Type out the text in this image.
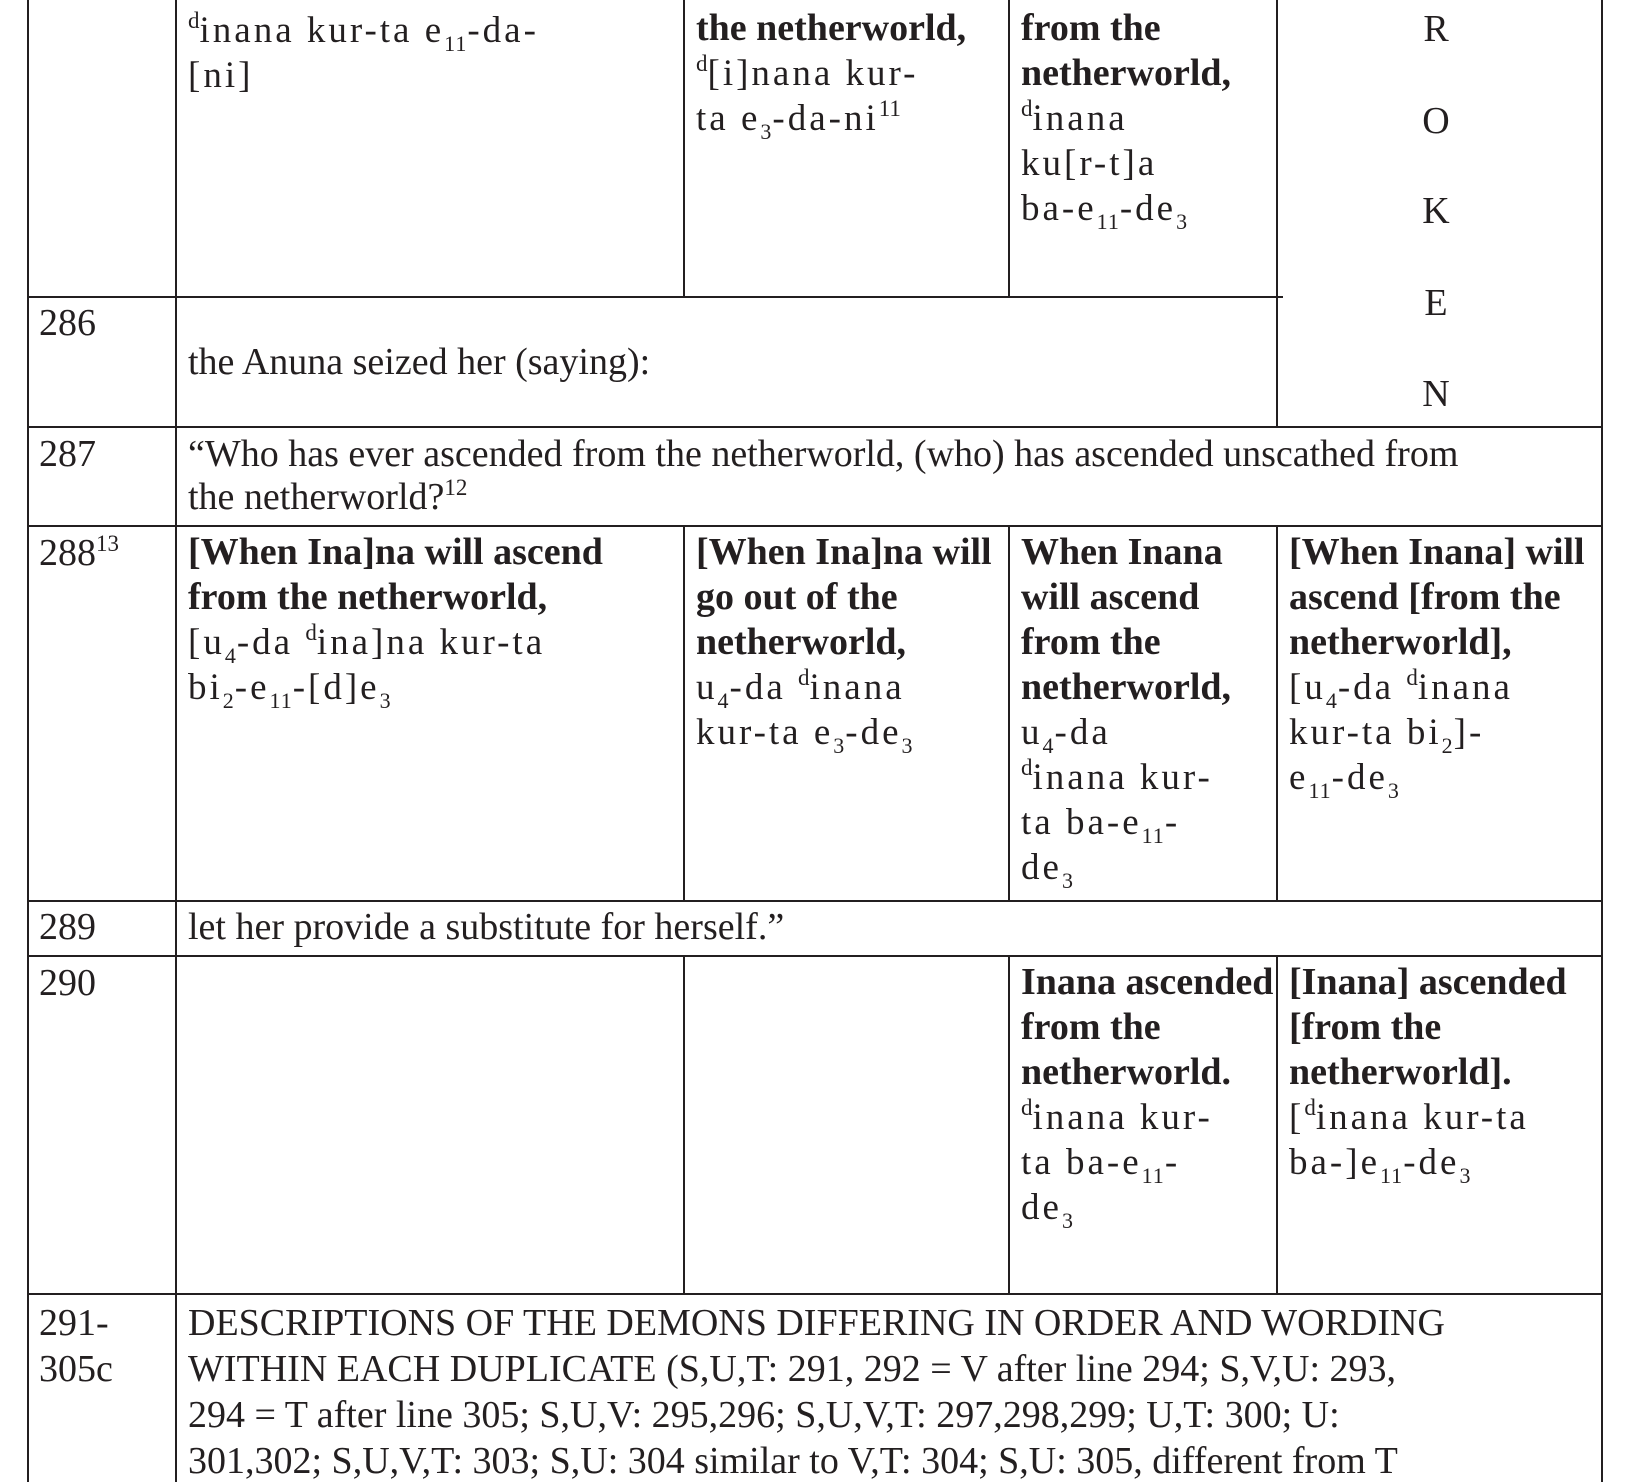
$^d$inana kur-ta $e_{11}-da-$
[ni]
the netherworld,
$^d$[i]nana kur-
ta $e_3-da-ni^{11}$
from the
netherworld,
$^d$inana
ku[r-t]a
$ba-e_{11}-de_3$
R
O
K
E
N
286
the Anuna seized her (saying):
287 “Who has ever ascended from the netherworld, (who) has ascended unscathed from
the netherworld?$^{12}$
$288^{13}$ [When Ina]na will ascend from the netherworld,
[$u_4-da$ $^d$ina]na kur-ta
$bi_2-e_{11}-[d]e_3$
[When Ina]na will go out of the netherworld,
$u_4-da$ $^d$inana
kur-ta $e_3-de_3$
When Inana will ascend from the netherworld,
$u_4-da$
$^d$inana kur-
ta $ba-e_{11}-$
$de_3$
[When Inana] will ascend [from the netherworld],
[$u_4-da$ $^d$inana
kur-ta $bi_2]-$
$e_{11}-de_3$
289 let her provide a substitute for herself.”
290	Inana ascended from the netherworld.
$^d$inana kur-
ta $ba-e_{11}-$
$de_3$
[Inana] ascended [from the netherworld].
[$^d$inana kur-ta
$ba-]e_{11}-de_3$
291-
305c
DESCRIPTIONS OF THE DEMONS DIFFERING IN ORDER AND WORDING
WITHIN EACH DUPLICATE (S,U,T: 291, 292 = V after line 294; S,V,U: 293,
294 = T after line 305; S,U,V: 295,296; S,U,V,T: 297,298,299; U,T: 300; U:
301,302; S,U,V,T: 303; S,U: 304 similar to V,T: 304; S,U: 305, different from T
